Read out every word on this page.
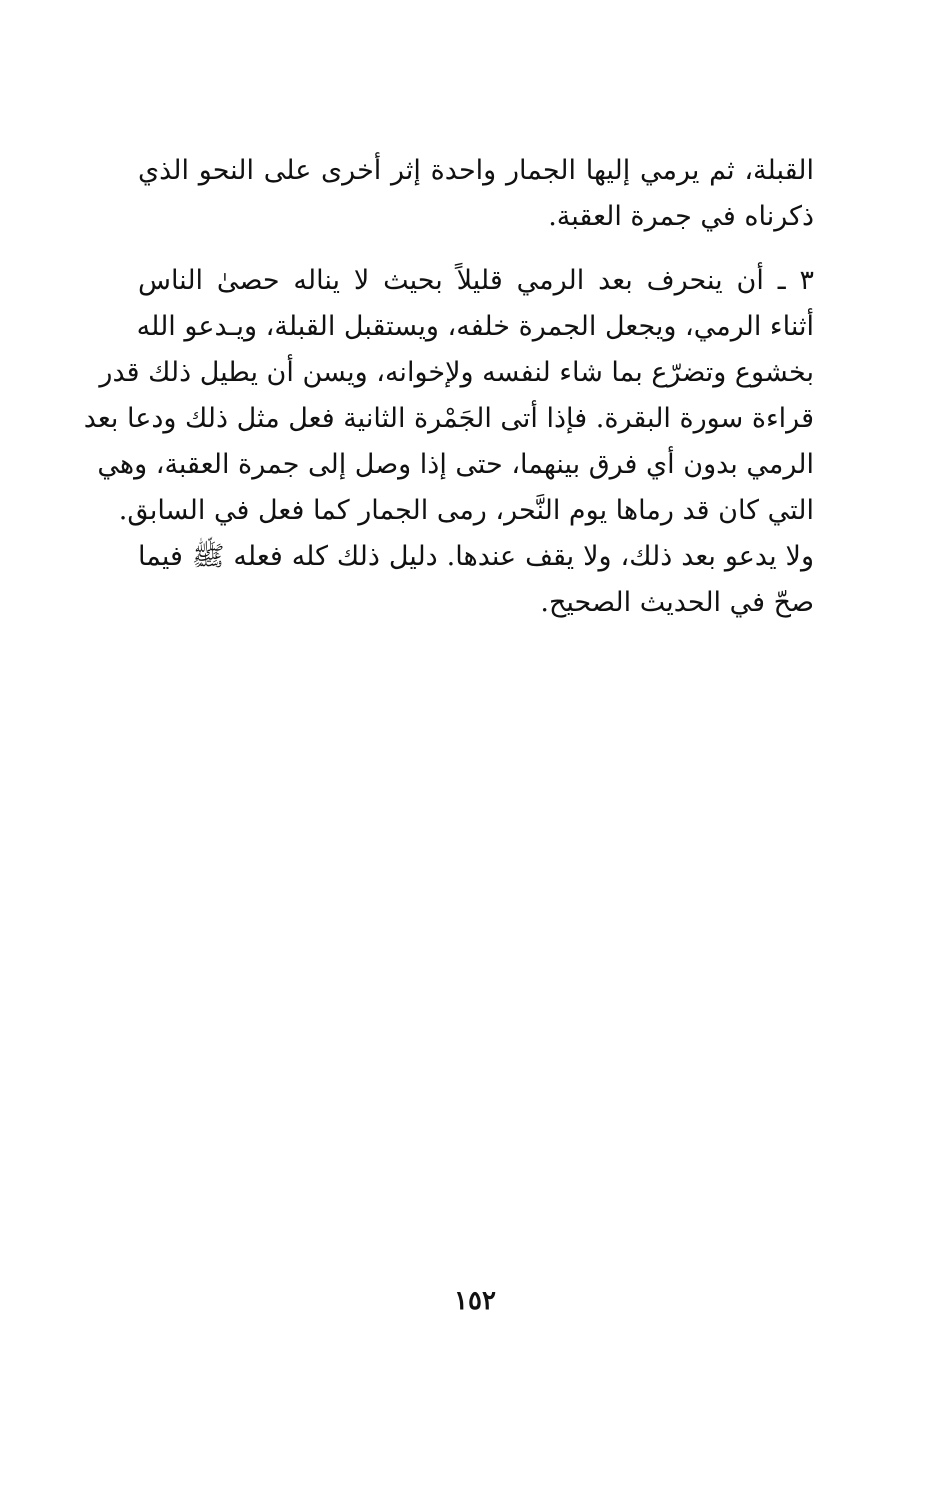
القبلة، ثم يرمي إليها الجمار واحدة إثر أخرى على النحو الذي
ذكرناه في جمرة العقبة.

٣ ـ أن ينحرف بعد الرمي قليلاً بحيث لا يناله حصىٰ الناس
أثناء الرمي، ويجعل الجمرة خلفه، ويستقبل القبلة، ويـدعو الله
بخشوع وتضرّع بما شاء لنفسه ولإخوانه، ويسن أن يطيل ذلك قدر
قراءة سورة البقرة. فإذا أتى الجَمْرة الثانية فعل مثل ذلك ودعا بعد
الرمي بدون أي فرق بينهما، حتى إذا وصل إلى جمرة العقبة، وهي
التي كان قد رماها يوم النَّحر، رمى الجمار كما فعل في السابق.
ولا يدعو بعد ذلك، ولا يقف عندها. دليل ذلك كله فعله ﷺ فيما
صحّ في الحديث الصحيح.

١٥٢
